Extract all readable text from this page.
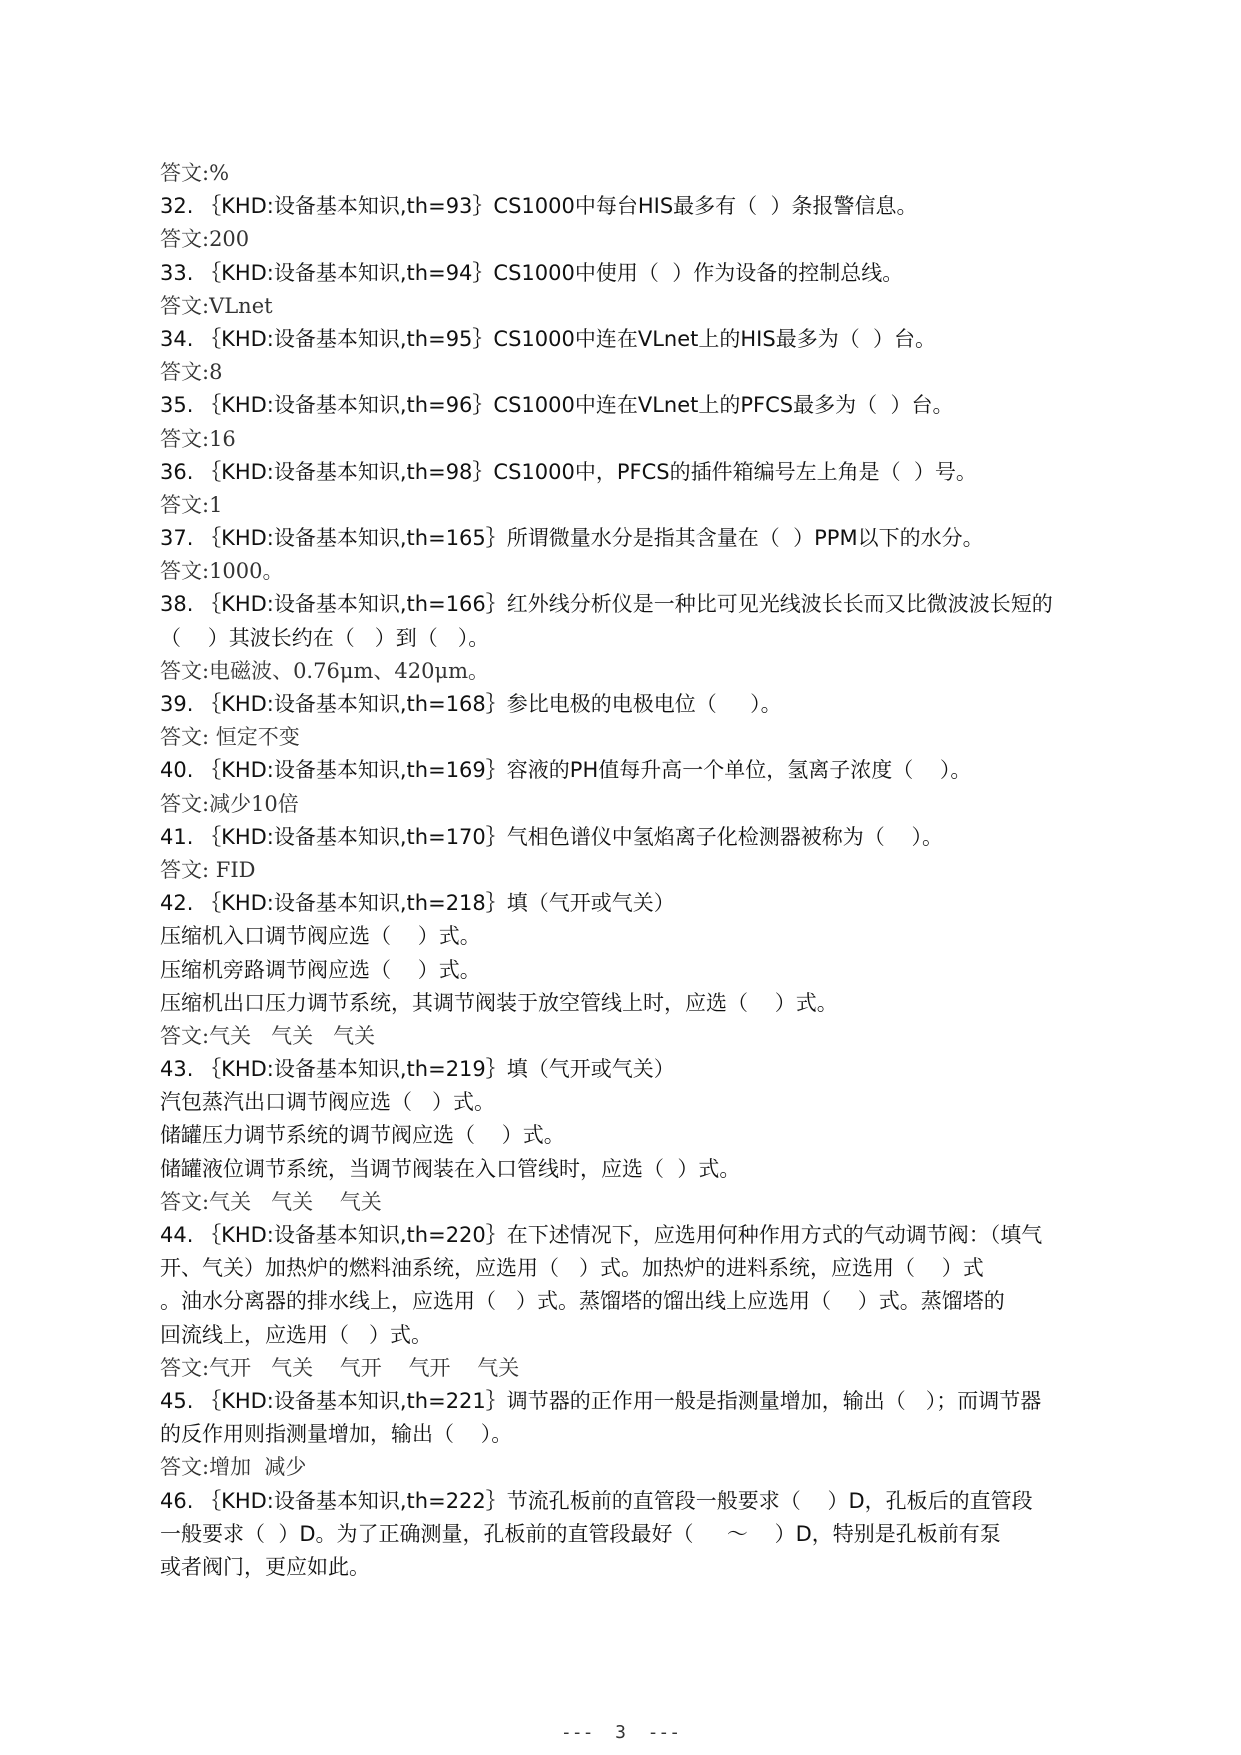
答文:%
32. ｛KHD:设备基本知识,th=93｝CS1000中每台HIS最多有（  ）条报警信息。
答文:200
33. ｛KHD:设备基本知识,th=94｝CS1000中使用（  ）作为设备的控制总线。
答文:VLnet
34. ｛KHD:设备基本知识,th=95｝CS1000中连在VLnet上的HIS最多为（  ）台。
答文:8
35. ｛KHD:设备基本知识,th=96｝CS1000中连在VLnet上的PFCS最多为（  ）台。
答文:16
36. ｛KHD:设备基本知识,th=98｝CS1000中，PFCS的插件箱编号左上角是（  ）号。
答文:1
37. ｛KHD:设备基本知识,th=165｝所谓微量水分是指其含量在（  ）PPM以下的水分。
答文:1000。
38. ｛KHD:设备基本知识,th=166｝红外线分析仪是一种比可见光线波长长而又比微波波长短的
（    ）其波长约在（   ）到（   ）。
答文:电磁波、0.76μm、420μm。
39. ｛KHD:设备基本知识,th=168｝参比电极的电极电位（     ）。
答文: 恒定不变
40. ｛KHD:设备基本知识,th=169｝容液的PH值每升高一个单位，氢离子浓度（    ）。
答文:减少10倍
41. ｛KHD:设备基本知识,th=170｝气相色谱仪中氢焰离子化检测器被称为（    ）。
答文: FID
42. ｛KHD:设备基本知识,th=218｝填（气开或气关）
压缩机入口调节阀应选（    ）式。
压缩机旁路调节阀应选（    ）式。
压缩机出口压力调节系统，其调节阀装于放空管线上时，应选（    ）式。
答文:气关   气关   气关
43. ｛KHD:设备基本知识,th=219｝填（气开或气关）
汽包蒸汽出口调节阀应选（   ）式。
储罐压力调节系统的调节阀应选（    ）式。
储罐液位调节系统，当调节阀装在入口管线时，应选（  ）式。
答文:气关   气关    气关
44. ｛KHD:设备基本知识,th=220｝在下述情况下，应选用何种作用方式的气动调节阀：（填气
开、气关）加热炉的燃料油系统，应选用（   ）式。加热炉的进料系统，应选用（    ）式
。油水分离器的排水线上，应选用（   ）式。蒸馏塔的馏出线上应选用（    ）式。蒸馏塔的
回流线上，应选用（   ）式。
答文:气开   气关    气开    气开    气关
45. ｛KHD:设备基本知识,th=221｝调节器的正作用一般是指测量增加，输出（   ）；而调节器
的反作用则指测量增加，输出（    ）。
答文:增加  减少
46. ｛KHD:设备基本知识,th=222｝节流孔板前的直管段一般要求（    ）D，孔板后的直管段
一般要求（  ）D。为了正确测量，孔板前的直管段最好（     ～    ）D，特别是孔板前有泵
或者阀门，更应如此。
---  3  ---
